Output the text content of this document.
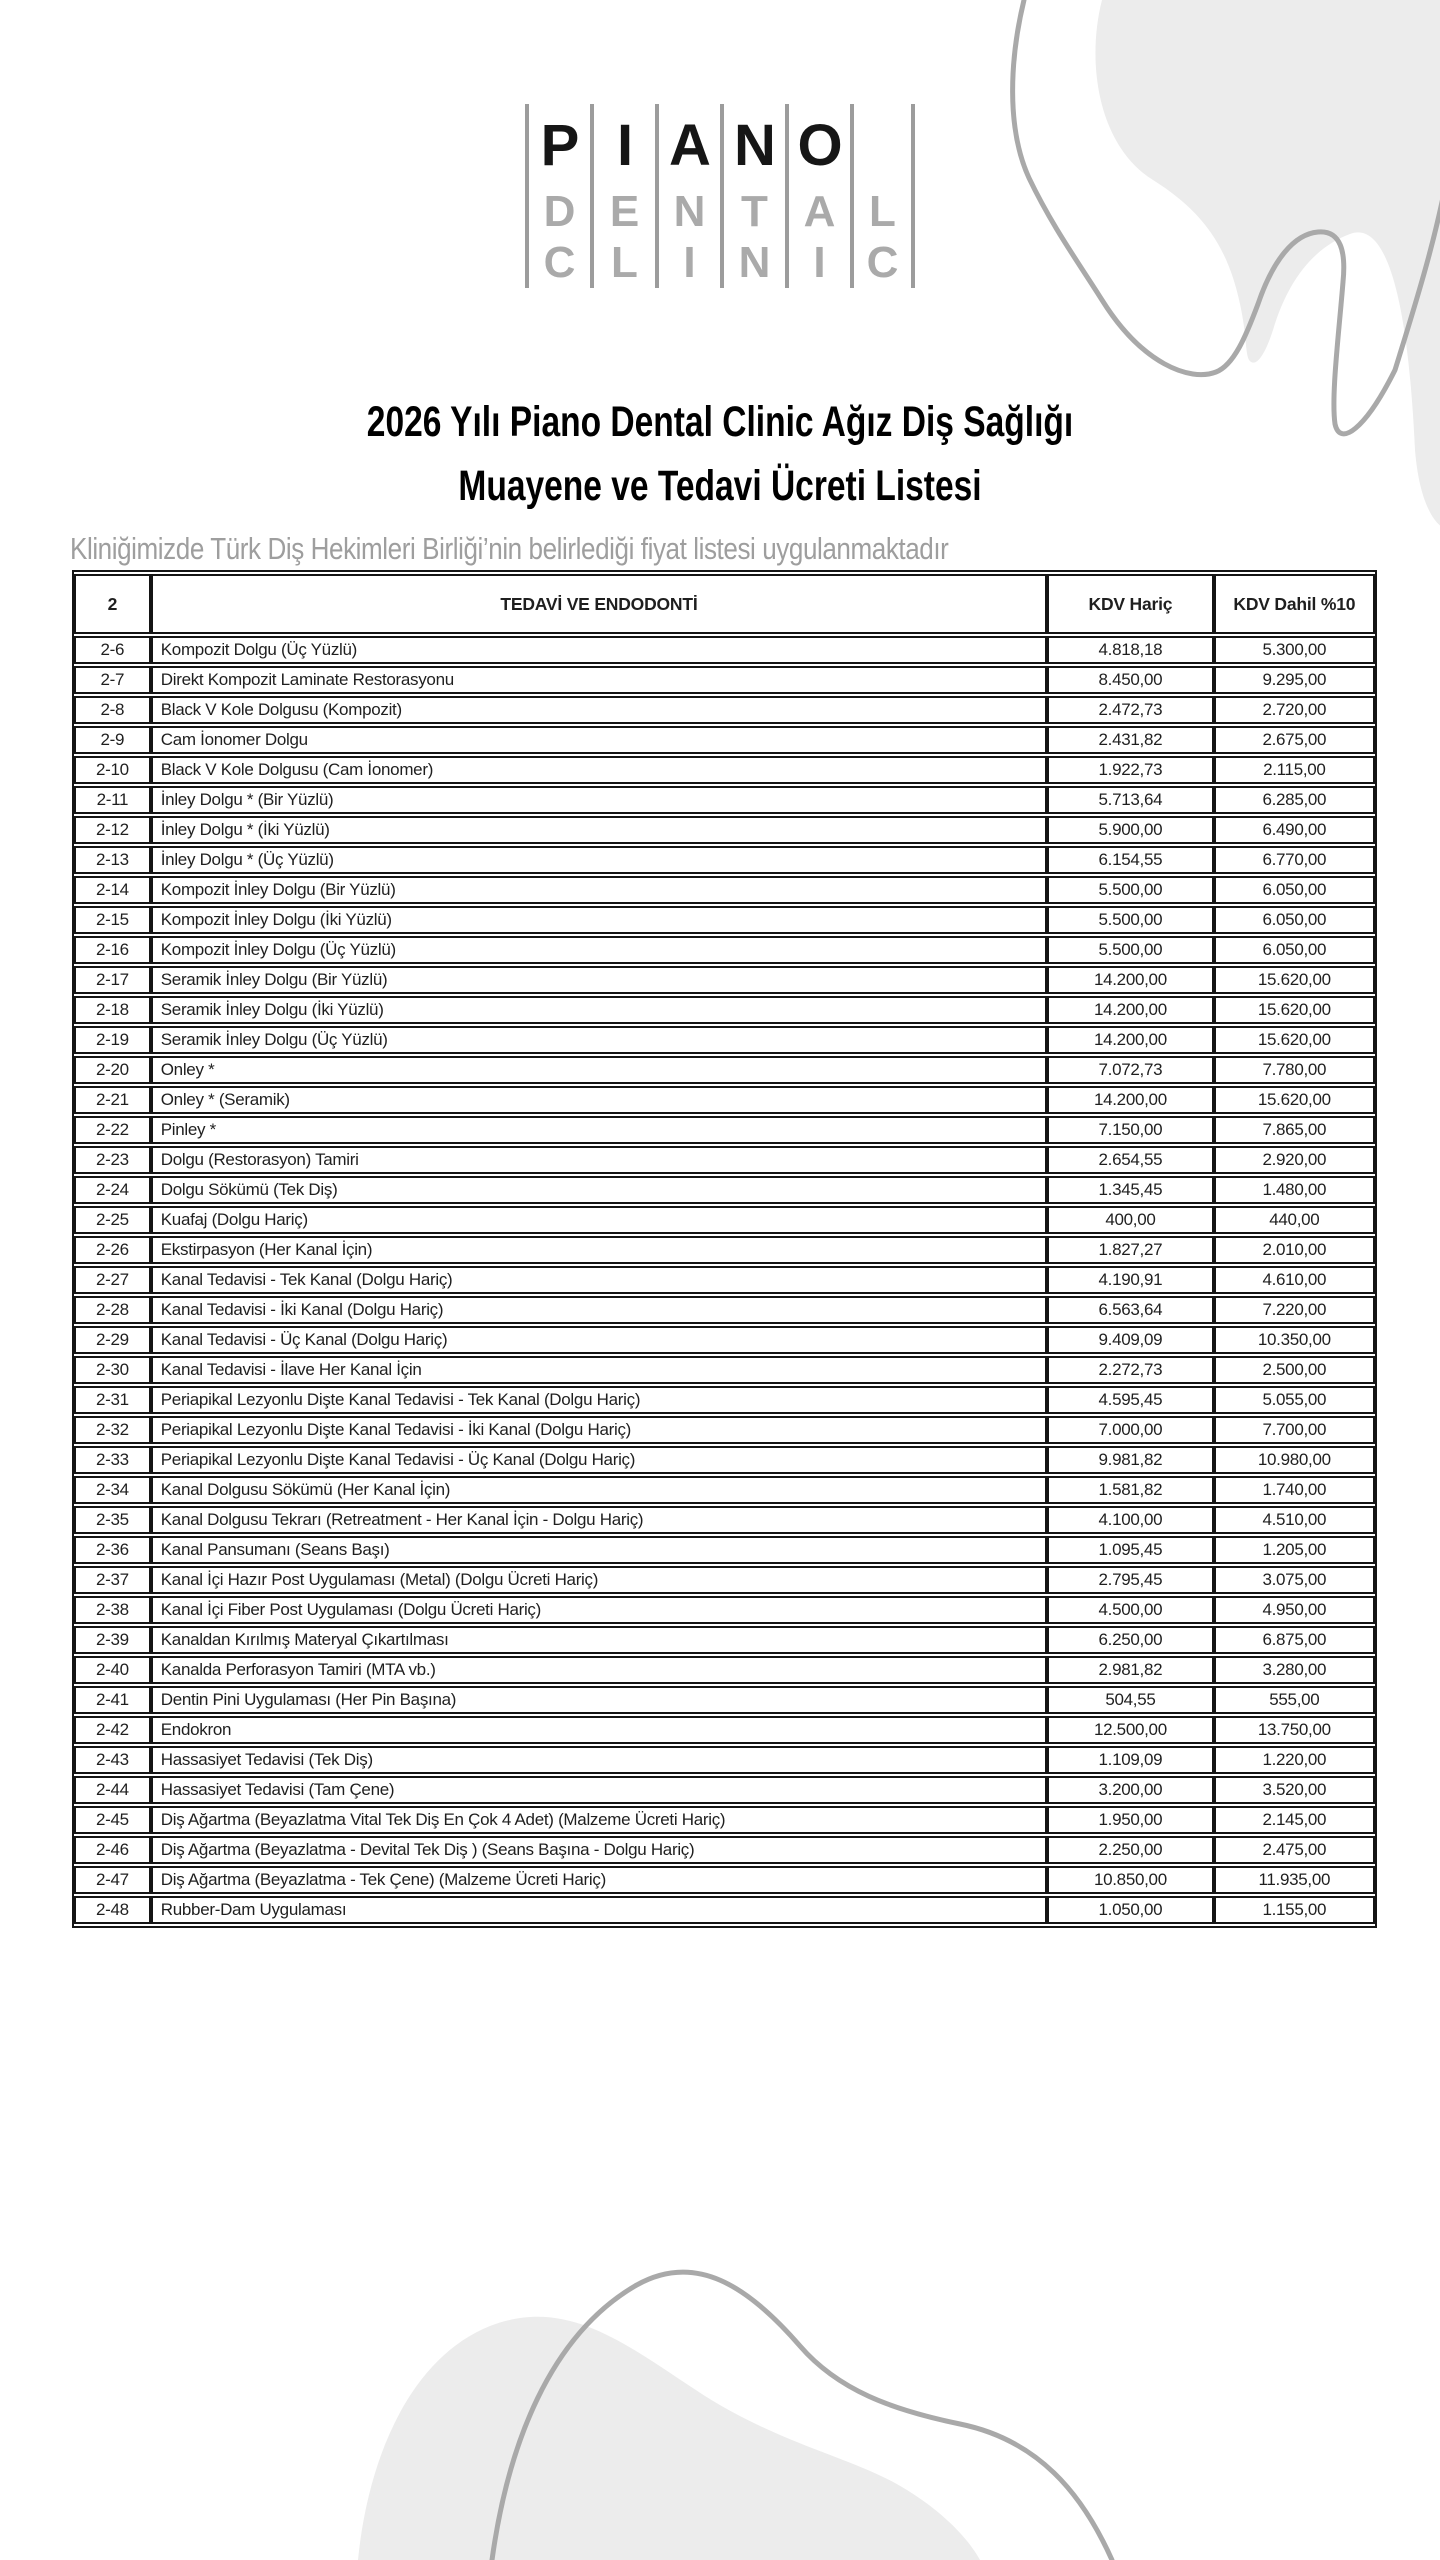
P I A N O
D E N T A L
C L	I N I C
2026 Yılı Piano Dental Clinic Ağız Diş Sağlığı
Muayene ve Tedavi Ücreti Listesi
Kliniğimizde Türk Diş Hekimleri Birliği’nin belirlediği fiyat listesi uygulanmaktadır
2	TEDAVİ VE ENDODONTİ	KDV Hariç	KDV Dahil %10
2-6	Kompozit Dolgu (Üç Yüzlü)	4.818,18	5.300,00
2-7	Direkt Kompozit Laminate Restorasyonu	8.450,00	9.295,00
2-8	Black V Kole Dolgusu (Kompozit)	2.472,73	2.720,00
2-9	Cam İonomer Dolgu	2.431,82	2.675,00
2-10	Black V Kole Dolgusu (Cam İonomer)	1.922,73	2.115,00
2-11	İnley Dolgu * (Bir Yüzlü)	5.713,64	6.285,00
2-12	İnley Dolgu * (İki Yüzlü)	5.900,00	6.490,00
2-13	İnley Dolgu * (Üç Yüzlü)	6.154,55	6.770,00
2-14	Kompozit İnley Dolgu (Bir Yüzlü)	5.500,00	6.050,00
2-15	Kompozit İnley Dolgu (İki Yüzlü)	5.500,00	6.050,00
2-16	Kompozit İnley Dolgu (Üç Yüzlü)	5.500,00	6.050,00
2-17	Seramik İnley Dolgu (Bir Yüzlü)	14.200,00	15.620,00
2-18	Seramik İnley Dolgu (İki Yüzlü)	14.200,00	15.620,00
2-19	Seramik İnley Dolgu (Üç Yüzlü)	14.200,00	15.620,00
2-20	Onley *	7.072,73	7.780,00
2-21	Onley * (Seramik)	14.200,00	15.620,00
2-22	Pinley *	7.150,00	7.865,00
2-23	Dolgu (Restorasyon) Tamiri	2.654,55	2.920,00
2-24	Dolgu Sökümü (Tek Diş)	1.345,45	1.480,00
2-25	Kuafaj (Dolgu Hariç)	400,00	440,00
2-26	Ekstirpasyon (Her Kanal İçin)	1.827,27	2.010,00
2-27	Kanal Tedavisi - Tek Kanal (Dolgu Hariç)	4.190,91	4.610,00
2-28	Kanal Tedavisi - İki Kanal (Dolgu Hariç)	6.563,64	7.220,00
2-29	Kanal Tedavisi - Üç Kanal (Dolgu Hariç)	9.409,09	10.350,00
2-30	Kanal Tedavisi - İlave Her Kanal İçin	2.272,73	2.500,00
2-31	Periapikal Lezyonlu Dişte Kanal Tedavisi - Tek Kanal (Dolgu Hariç)	4.595,45	5.055,00
2-32	Periapikal Lezyonlu Dişte Kanal Tedavisi - İki Kanal (Dolgu Hariç)	7.000,00	7.700,00
2-33	Periapikal Lezyonlu Dişte Kanal Tedavisi - Üç Kanal (Dolgu Hariç)	9.981,82	10.980,00
2-34	Kanal Dolgusu Sökümü (Her Kanal İçin)	1.581,82	1.740,00
2-35	Kanal Dolgusu Tekrarı (Retreatment - Her Kanal İçin - Dolgu Hariç)	4.100,00	4.510,00
2-36	Kanal Pansumanı (Seans Başı)	1.095,45	1.205,00
2-37	Kanal İçi Hazır Post Uygulaması (Metal) (Dolgu Ücreti Hariç)	2.795,45	3.075,00
2-38	Kanal İçi Fiber Post Uygulaması (Dolgu Ücreti Hariç)	4.500,00	4.950,00
2-39	Kanaldan Kırılmış Materyal Çıkartılması	6.250,00	6.875,00
2-40	Kanalda Perforasyon Tamiri (MTA vb.)	2.981,82	3.280,00
2-41	Dentin Pini Uygulaması (Her Pin Başına)	504,55	555,00
2-42	Endokron	12.500,00	13.750,00
2-43	Hassasiyet Tedavisi (Tek Diş)	1.109,09	1.220,00
2-44	Hassasiyet Tedavisi (Tam Çene)	3.200,00	3.520,00
2-45	Diş Ağartma (Beyazlatma Vital Tek Diş En Çok 4 Adet) (Malzeme Ücreti Hariç)	1.950,00	2.145,00
2-46	Diş Ağartma (Beyazlatma - Devital Tek Diş ) (Seans Başına - Dolgu Hariç)	2.250,00	2.475,00
2-47	Diş Ağartma (Beyazlatma - Tek Çene) (Malzeme Ücreti Hariç)	10.850,00	11.935,00
2-48	Rubber-Dam Uygulaması	1.050,00	1.155,00
